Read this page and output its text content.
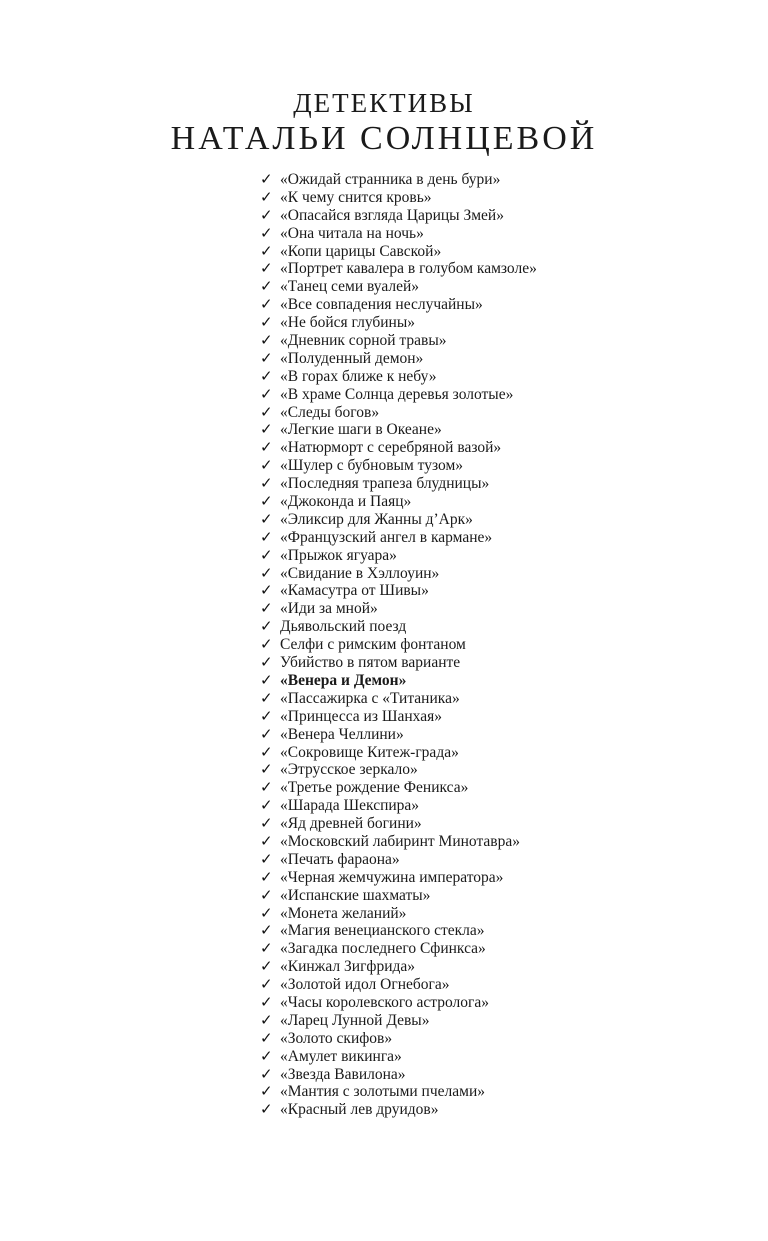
ДЕТЕКТИВЫ
НАТАЛЬИ СОЛНЦЕВОЙ
✓ «Ожидай странника в день бури»
✓ «К чему снится кровь»
✓ «Опасайся взгляда Царицы Змей»
✓ «Она читала на ночь»
✓ «Копи царицы Савской»
✓ «Портрет кавалера в голубом камзоле»
✓ «Танец семи вуалей»
✓ «Все совпадения неслучайны»
✓ «Не бойся глубины»
✓ «Дневник сорной травы»
✓ «Полуденный демон»
✓ «В горах ближе к небу»
✓ «В храме Солнца деревья золотые»
✓ «Следы богов»
✓ «Легкие шаги в Океане»
✓ «Натюрморт с серебряной вазой»
✓ «Шулер с бубновым тузом»
✓ «Последняя трапеза блудницы»
✓ «Джоконда и Паяц»
✓ «Эликсир для Жанны д’Арк»
✓ «Французский ангел в кармане»
✓ «Прыжок ягуара»
✓ «Свидание в Хэллоуин»
✓ «Камасутра от Шивы»
✓ «Иди за мной»
✓ Дьявольский поезд
✓ Селфи с римским фонтаном
✓ Убийство в пятом варианте
✓ «Венера и Демон»
✓ «Пассажирка с «Титаника»
✓ «Принцесса из Шанхая»
✓ «Венера Челлини»
✓ «Сокровище Китеж-града»
✓ «Этрусское зеркало»
✓ «Третье рождение Феникса»
✓ «Шарада Шекспира»
✓ «Яд древней богини»
✓ «Московский лабиринт Минотавра»
✓ «Печать фараона»
✓ «Черная жемчужина императора»
✓ «Испанские шахматы»
✓ «Монета желаний»
✓ «Магия венецианского стекла»
✓ «Загадка последнего Сфинкса»
✓ «Кинжал Зигфрида»
✓ «Золотой идол Огнебога»
✓ «Часы королевского астролога»
✓ «Ларец Лунной Девы»
✓ «Золото скифов»
✓ «Амулет викинга»
✓ «Звезда Вавилона»
✓ «Мантия с золотыми пчелами»
✓ «Красный лев друидов»
